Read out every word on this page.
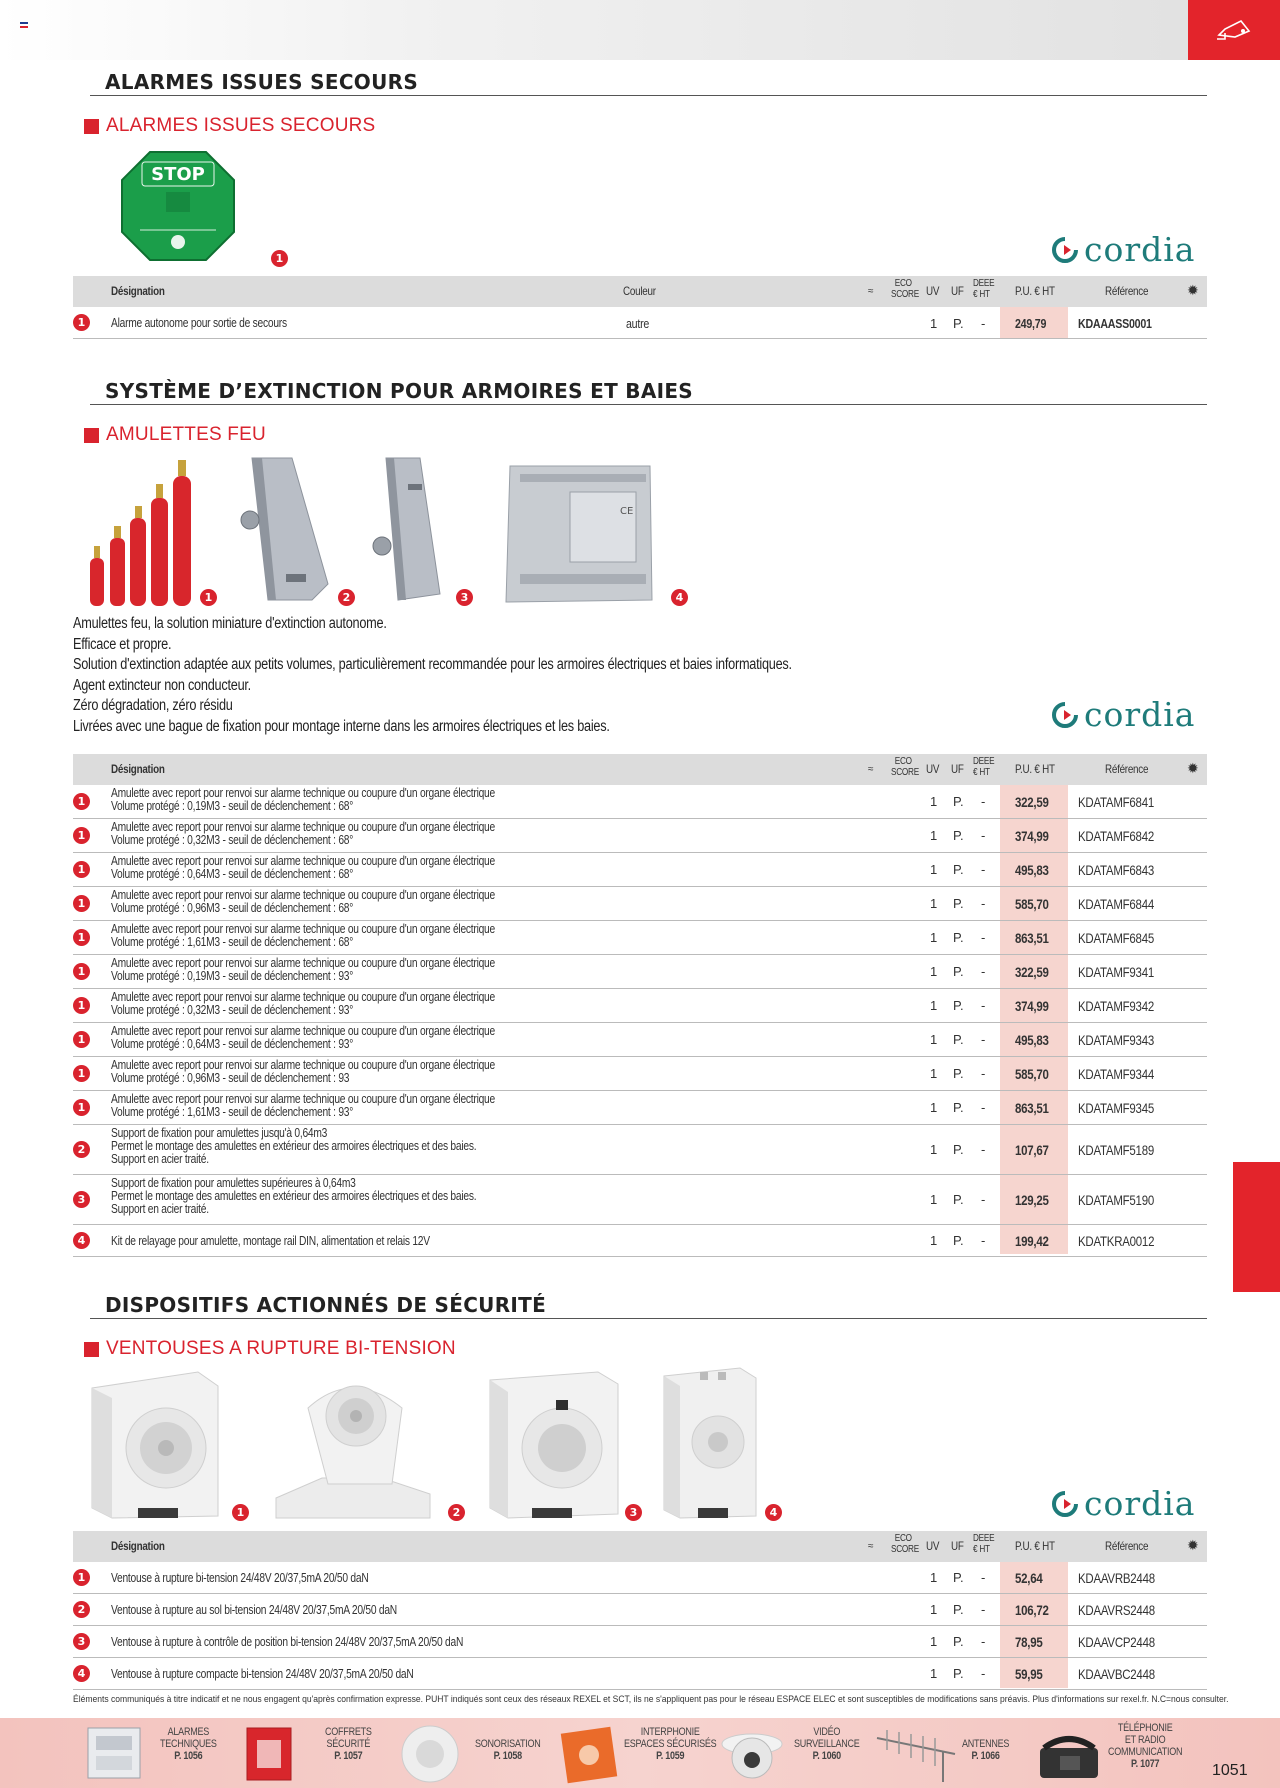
ALARMES ISSUES SECOURS
ALARMES ISSUES SECOURS
STOP
1	cordia
Désignation	Couleur	≈
ECO SCORE UV UF
DEEE € HT	P.U. € HT	Référence	✹
1	Alarme autonome pour sortie de secours	autre	1 P. - 249,79 KDAAASS0001
SYSTÈME D’EXTINCTION POUR ARMOIRES ET BAIES
AMULETTES FEU
1	2	3
CE
4
Amulettes feu, la solution miniature d'extinction autonome.
Efficace et propre.
Solution d'extinction adaptée aux petits volumes, particulièrement recommandée pour les armoires électriques et baies informatiques.
Agent extincteur non conducteur.
Zéro dégradation, zéro résidu
Livrées avec une bague de fixation pour montage interne dans les armoires électriques et les baies.	cordia
Désignation	≈
ECO SCORE UV UF
DEEE € HT	P.U. € HT	Référence	✹
1
Amulette avec report pour renvoi sur alarme technique ou coupure d'un organe électrique
Volume protégé : 0,19M3 - seuil de déclenchement : 68°	1 P. - 322,59 KDATAMF6841
1
Amulette avec report pour renvoi sur alarme technique ou coupure d'un organe électrique
Volume protégé : 0,32M3 - seuil de déclenchement : 68°	1 P. - 374,99 KDATAMF6842
1
Amulette avec report pour renvoi sur alarme technique ou coupure d'un organe électrique
Volume protégé : 0,64M3 - seuil de déclenchement : 68°	1 P. - 495,83 KDATAMF6843
1
Amulette avec report pour renvoi sur alarme technique ou coupure d'un organe électrique
Volume protégé : 0,96M3 - seuil de déclenchement : 68°	1 P. - 585,70 KDATAMF6844
1
Amulette avec report pour renvoi sur alarme technique ou coupure d'un organe électrique
Volume protégé : 1,61M3 - seuil de déclenchement : 68°	1 P. - 863,51 KDATAMF6845
1
Amulette avec report pour renvoi sur alarme technique ou coupure d'un organe électrique
Volume protégé : 0,19M3 - seuil de déclenchement : 93°	1 P. - 322,59 KDATAMF9341
1
Amulette avec report pour renvoi sur alarme technique ou coupure d'un organe électrique
Volume protégé : 0,32M3 - seuil de déclenchement : 93°	1 P. - 374,99 KDATAMF9342
1
Amulette avec report pour renvoi sur alarme technique ou coupure d'un organe électrique
Volume protégé : 0,64M3 - seuil de déclenchement : 93°	1 P. - 495,83 KDATAMF9343
1
Amulette avec report pour renvoi sur alarme technique ou coupure d'un organe électrique
Volume protégé : 0,96M3 - seuil de déclenchement : 93	1 P. - 585,70 KDATAMF9344
1
Amulette avec report pour renvoi sur alarme technique ou coupure d'un organe électrique
Volume protégé : 1,61M3 - seuil de déclenchement : 93°	1 P. - 863,51 KDATAMF9345
2
Support de fixation pour amulettes jusqu'à 0,64m3
Permet le montage des amulettes en extérieur des armoires électriques et des baies.
Support en acier traité.
1 P. - 107,67 KDATAMF5189
3
Support de fixation pour amulettes supérieures à 0,64m3
Permet le montage des amulettes en extérieur des armoires électriques et des baies.
Support en acier traité.
1 P. - 129,25 KDATAMF5190
4	Kit de relayage pour amulette, montage rail DIN, alimentation et relais 12V	1 P. - 199,42 KDATKRA0012
DISPOSITIFS ACTIONNÉS DE SÉCURITÉ
VENTOUSES A RUPTURE BI-TENSION
1	2	3	4	cordia
Désignation	≈
ECO SCORE UV UF
DEEE € HT	P.U. € HT	Référence	✹
1	Ventouse à rupture bi-tension 24/48V 20/37,5mA 20/50 daN	1 P. - 52,64	KDAAVRB2448
2	Ventouse à rupture au sol bi-tension 24/48V 20/37,5mA 20/50 daN	1 P. - 106,72 KDAAVRS2448
3	Ventouse à rupture à contrôle de position bi-tension 24/48V 20/37,5mA 20/50 daN	1 P. - 78,95	KDAAVCP2448
4	Ventouse à rupture compacte bi-tension 24/48V 20/37,5mA 20/50 daN	1 P. - 59,95	KDAAVBC2448
Éléments communiqués à titre indicatif et ne nous engagent qu'après confirmation expresse. PUHT indiqués sont ceux des réseaux REXEL et SCT, ils ne s'appliquent pas pour le réseau ESPACE ELEC et sont susceptibles de modifications sans préavis. Plus d'informations sur rexel.fr. N.C=nous consulter.
ALARMES
TECHNIQUES
P. 1056
COFFRETS
SÉCURITÉ
P. 1057
SONORISATION
P. 1058
INTERPHONIE
ESPACES SÉCURISÉS
P. 1059
VIDÉO
SURVEILLANCE
P. 1060
ANTENNES
P. 1066
TÉLÉPHONIE
ET RADIO
COMMUNICATION
P. 1077	1051
